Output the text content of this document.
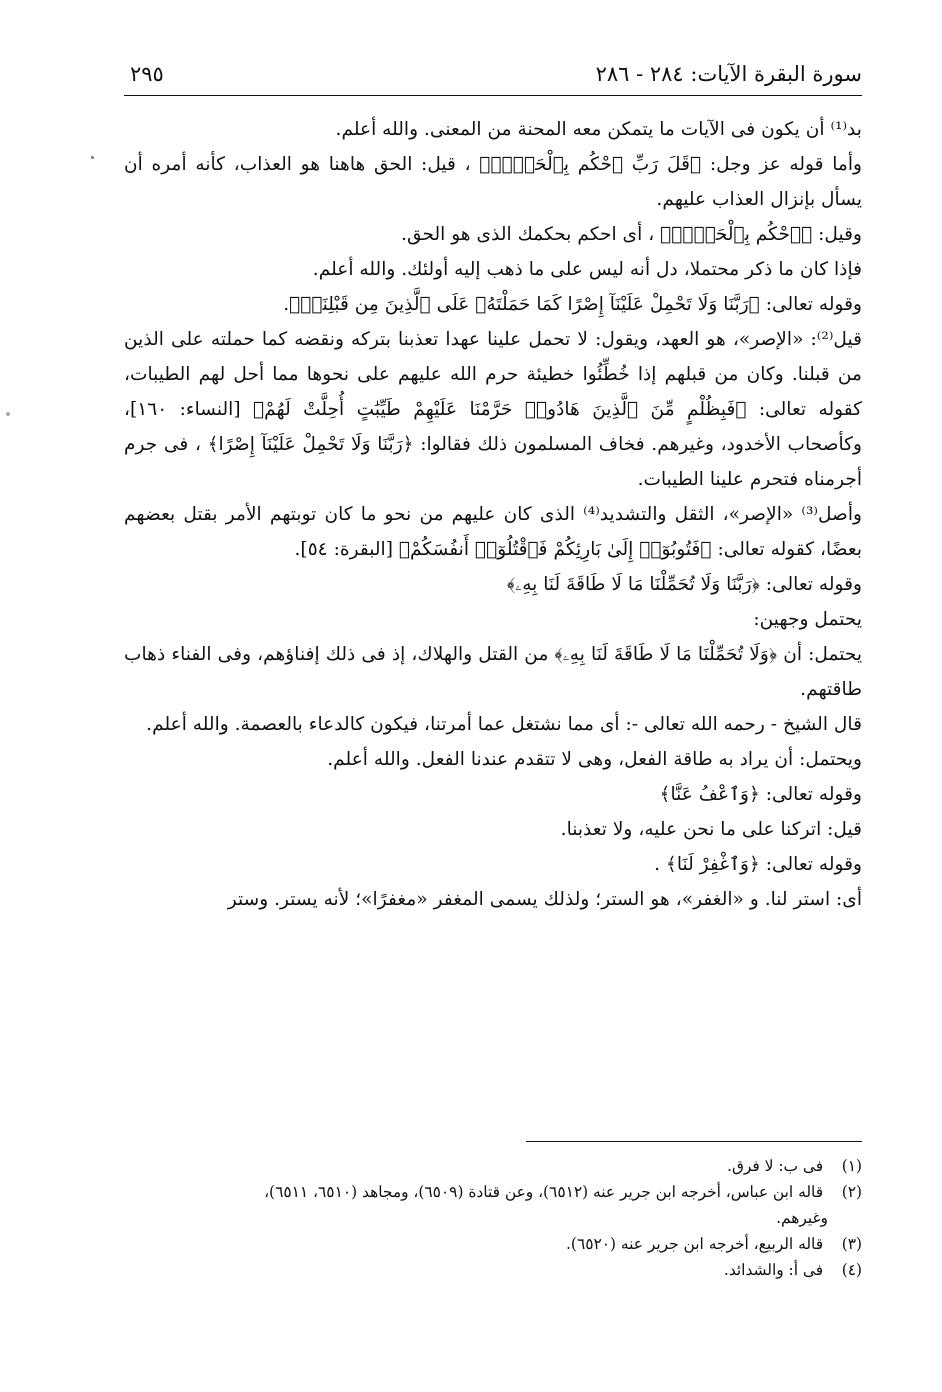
سورة البقرة الآيات: ٢٨٤ - ٢٨٦
٢٩٥

بد⁽¹⁾ أن يكون فى الآيات ما يتمكن معه المحنة من المعنى. والله أعلم.

وأما قوله عز وجل: ﴿قَلَ رَبِّ ٱحْكُم بِٱلْحَقِّۗ﴾ ، قيل: الحق هاهنا هو العذاب، كأنه أمره أن يسأل بإنزال العذاب عليهم.

وقيل: ﴿ٱحْكُم بِٱلْحَقِّۗ﴾ ، أى احكم بحكمك الذى هو الحق.

فإذا كان ما ذكر محتملا، دل أنه ليس على ما ذهب إليه أولئك. والله أعلم.

وقوله تعالى: ﴿رَبَّنَا وَلَا تَحْمِلْ عَلَيْنَآ إِصْرًا كَمَا حَمَلْتَهُۥ عَلَى ٱلَّذِينَ مِن قَبْلِنَاۚ﴾.

قيل⁽²⁾: «الإصر»، هو العهد، ويقول: لا تحمل علينا عهدا تعذبنا بتركه ونقضه كما حملته على الذين من قبلنا. وكان من قبلهم إذا خُطِّئُوا خطيئة حرم الله عليهم على نحوها مما أحل لهم الطيبات، كقوله تعالى: ﴿فَبِظُلْمٍ مِّنَ ٱلَّذِينَ هَادُوا۟ حَرَّمْنَا عَلَيْهِمْ طَيِّبَٰتٍ أُحِلَّتْ لَهُمْ﴾ [النساء: ١٦٠]، وكأصحاب الأخدود، وغيرهم. فخاف المسلمون ذلك فقالوا: ﴿رَبَّنَا وَلَا تَحْمِلْ عَلَيْنَآ إِصْرًا﴾ ، فى جرم أجرمناه فتحرم علينا الطيبات.

وأصل⁽³⁾ «الإصر»، الثقل والتشديد⁽⁴⁾ الذى كان عليهم من نحو ما كان توبتهم الأمر بقتل بعضهم بعضًا، كقوله تعالى: ﴿فَتُوبُوٓا۟ إِلَىٰ بَارِئِكُمْ فَٱقْتُلُوٓا۟ أَنفُسَكُمْ﴾ [البقرة: ٥٤].

وقوله تعالى: ﴿رَبَّنَا وَلَا تُحَمِّلْنَا مَا لَا طَاقَةَ لَنَا بِهِۦ﴾

يحتمل وجهين:

يحتمل: أن ﴿وَلَا تُحَمِّلْنَا مَا لَا طَاقَةَ لَنَا بِهِۦ﴾ من القتل والهلاك، إذ فى ذلك إفناؤهم، وفى الفناء ذهاب طاقتهم.

قال الشيخ - رحمه الله تعالى -: أى مما نشتغل عما أمرتنا، فيكون كالدعاء بالعصمة. والله أعلم.

ويحتمل: أن يراد به طاقة الفعل، وهى لا تتقدم عندنا الفعل. والله أعلم.

وقوله تعالى: ﴿وَٱعْفُ عَنَّا﴾

قيل: اتركنا على ما نحن عليه، ولا تعذبنا.

وقوله تعالى: ﴿وَٱغْفِرْ لَنَا﴾ .

أى: استر لنا. و «الغفر»، هو الستر؛ ولذلك يسمى المغفر «مغفرًا»؛ لأنه يستر. وستر

(١) فى ب: لا فرق.

(٢) قاله ابن عباس، أخرجه ابن جرير عنه (٦٥١٢)، وعن قتادة (٦٥٠٩)، ومجاهد (٦٥١٠، ٦٥١١)،

وغيرهم.

(٣) قاله الربيع، أخرجه ابن جرير عنه (٦٥٢٠).

(٤) فى أ: والشدائد.
